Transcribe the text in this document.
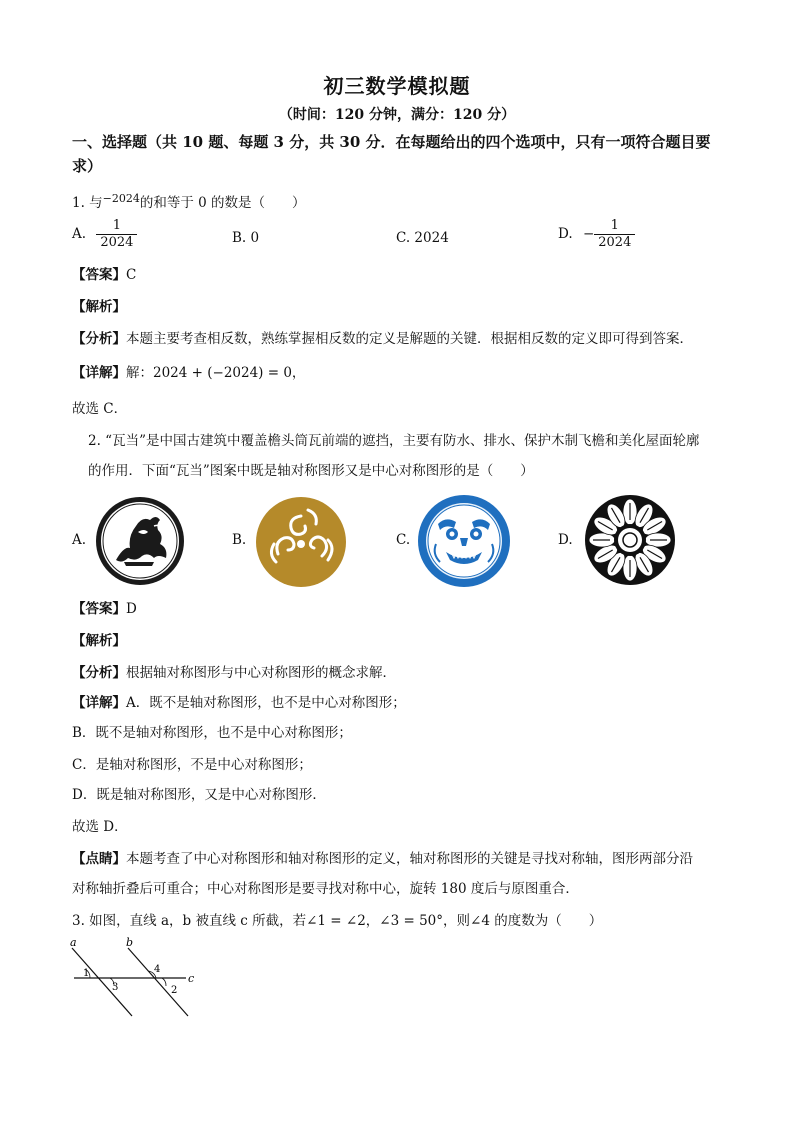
初三数学模拟题
（时间：120 分钟，满分：120 分）
一、选择题（共 10 题、每题 3 分，共 30 分．在每题给出的四个选项中，只有一项符合题目要求）
1. 与$^{-2024}$的和等于 0 的数是（　　）
A. $\frac{1}{2024}$	B. 0	C. 2024	D. − $\frac{1}{2024}$
【答案】C
【解析】
【分析】本题主要考查相反数，熟练掌握相反数的定义是解题的关键．根据相反数的定义即可得到答案．
【详解】解：2024 + (−2024) = 0，
故选 C．
2. “瓦当”是中国古建筑中覆盖檐头筒瓦前端的遮挡，主要有防水、排水、保护木制飞檐和美化屋面轮廓
的作用．下面“瓦当”图案中既是轴对称图形又是中心对称图形的是（　　）
A.	B.	C.	D.
【答案】D
【解析】
【分析】根据轴对称图形与中心对称图形的概念求解．
【详解】A．既不是轴对称图形，也不是中心对称图形；
B．既不是轴对称图形，也不是中心对称图形；
C．是轴对称图形，不是中心对称图形；
D．既是轴对称图形，又是中心对称图形．
故选 D．
【点睛】本题考查了中心对称图形和轴对称图形的定义，轴对称图形的关键是寻找对称轴，图形两部分沿
对称轴折叠后可重合；中心对称图形是要寻找对称中心，旋转 180 度后与原图重合．
3. 如图，直线 a，b 被直线 c 所截，若∠1 = ∠2，∠3 = 50°，则∠4 的度数为（　　）
a	b
c
1
2
3
4
